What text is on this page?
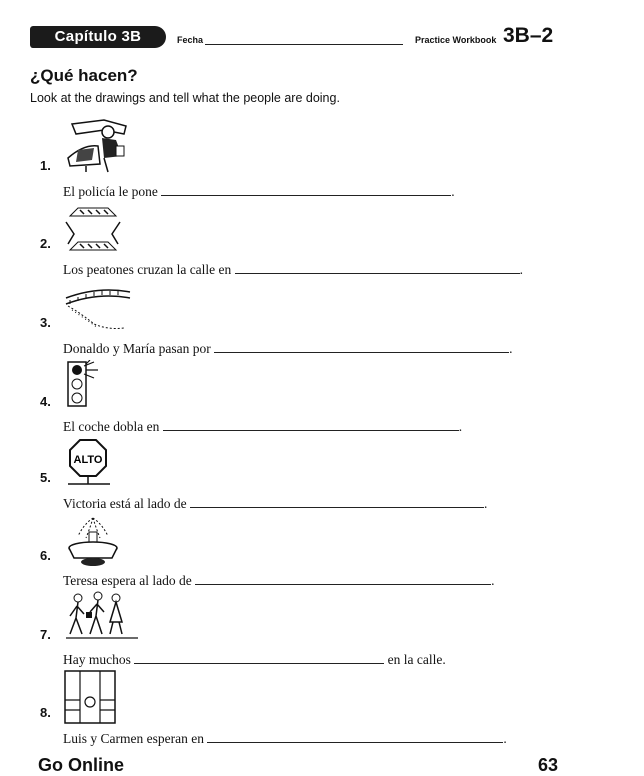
Capítulo 3B	Fecha	Practice Workbook 3B–2
¿Qué hacen?
Look at the drawings and tell what the people are doing.
1.
El policía le pone	.
2.
Los peatones cruzan la calle en	.
3.
Donaldo y María pasan por	.
4.
El coche dobla en	.
ALTO
5.
Victoria está al lado de	.
6.
Teresa espera al lado de	.
7.
Hay muchos	en la calle.
8.
Luis y Carmen esperan en	.
Go Online	63
